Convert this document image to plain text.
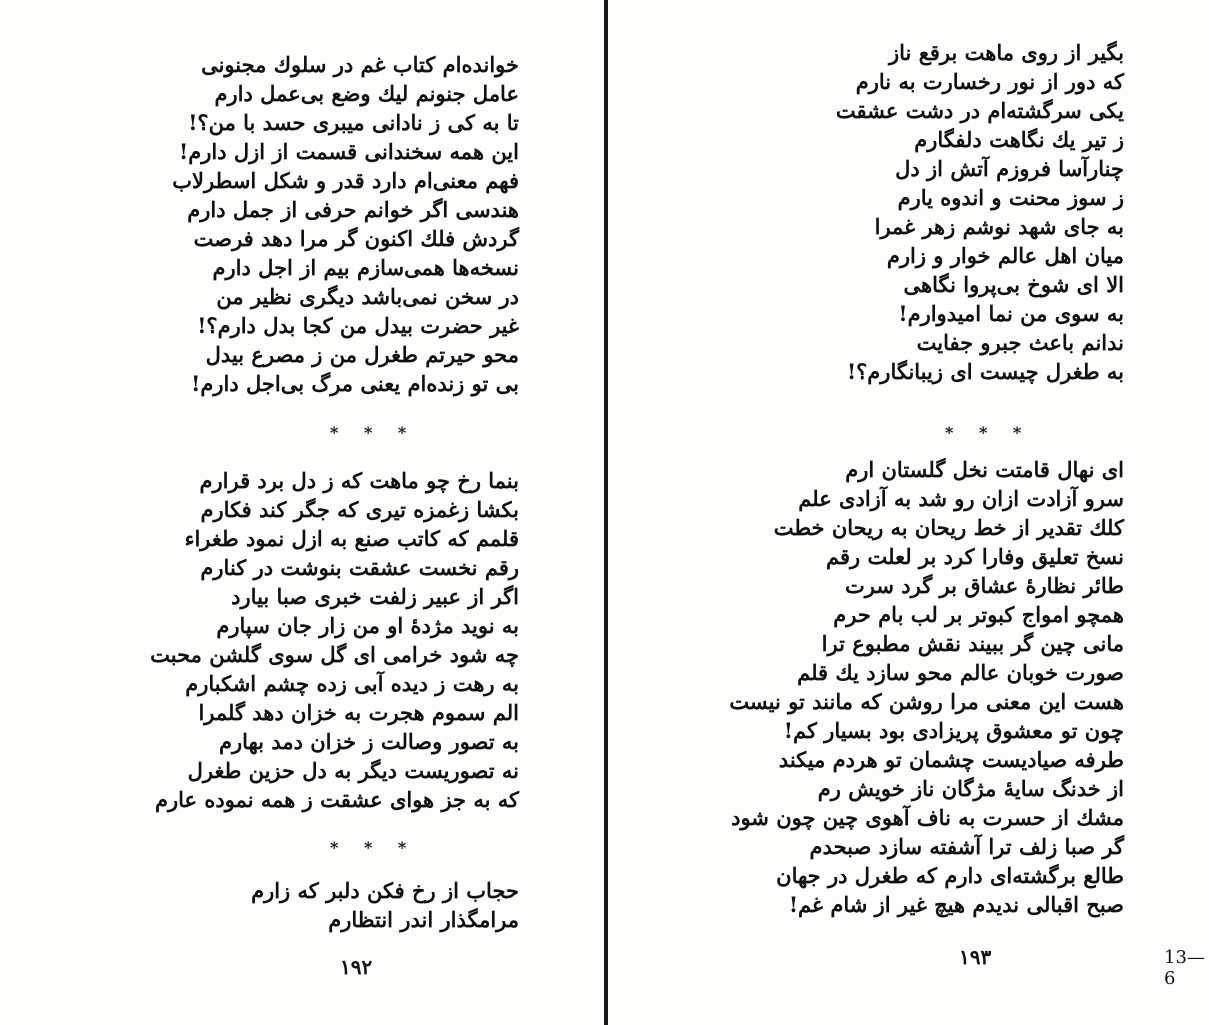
خوانده‌ام کتاب غم در سلوك مجنونی
عامل جنونم لیك وضع بی‌عمل دارم
تا به کی ز نادانی میبری حسد با من؟!
این همه سخندانی قسمت از ازل دارم!
فهم معنی‌ام دارد قدر و شکل اسطرلاب
هندسی اگر خوانم حرفی از جمل دارم
گردش فلك اکنون گر مرا دهد فرصت
نسخه‌ها همی‌سازم بیم از اجل دارم
در سخن نمی‌باشد دیگری نظیر من
غیر حضرت بیدل من کجا بدل دارم؟!
محو حیرتم طغرل من ز مصرع بیدل
بی تو زنده‌ام یعنی مرگ بی‌اجل دارم!
* * *
بنما رخ چو ماهت که ز دل برد قرارم
بکشا زغمزه تیری که جگر کند فکارم
قلمم که کاتب صنع به ازل نمود طغراء
رقم نخست عشقت بنوشت در کنارم
اگر از عبیر زلفت خبری صبا بیارد
به نوید مژدهٔ او من زار جان سپارم
چه شود خرامی ای گل سوی گلشن محبت
به رهت ز دیده آبی زده چشم اشکبارم
الم سموم هجرت به خزان دهد گلمرا
به تصور وصالت ز خزان دمد بهارم
نه تصوریست دیگر به دل حزین طغرل
که به جز هوای عشقت ز همه نموده عارم
* * *
حجاب از رخ فکن دلبر که زارم
مرامگذار اندر انتظارم
۱۹۲
بگیر از روی ماهت برقع ناز
که دور از نور رخسارت به نارم
یکی سرگشته‌ام در دشت عشقت
ز تیر یك نگاهت دلفگارم
چنارآسا فروزم آتش از دل
ز سوز محنت و اندوه یارم
به جای شهد نوشم زهر غمرا
میان اهل عالم خوار و زارم
الا ای شوخ بی‌پروا نگاهی
به سوی من نما امیدوارم!
ندانم باعث جبرو جفایت
به طغرل چیست ای زیبانگارم؟!
* * *
ای نهال قامتت نخل گلستان ارم
سرو آزادت ازان رو شد به آزادی علم
کلك تقدیر از خط ریحان به ریحان خطت
نسخ تعلیق وفارا کرد بر لعلت رقم
طائر نظارهٔ عشاق بر گرد سرت
همچو امواج کبوتر بر لب بام حرم
مانی چین گر ببیند نقش مطبوع ترا
صورت خوبان عالم محو سازد یك قلم
هست این معنی مرا روشن که مانند تو نیست
چون تو معشوق پریزادی بود بسیار کم!
طرفه صیادیست چشمان تو هردم میکند
از خدنگ سایهٔ مژگان ناز خویش رم
مشك از حسرت به ناف آهوی چین چون شود
گر صبا زلف ترا آشفته سازد صبحدم
طالع برگشته‌ای دارم که طغرل در جهان
صبح اقبالی ندیدم هیچ غیر از شام غم!
۱۹۳	13—6
